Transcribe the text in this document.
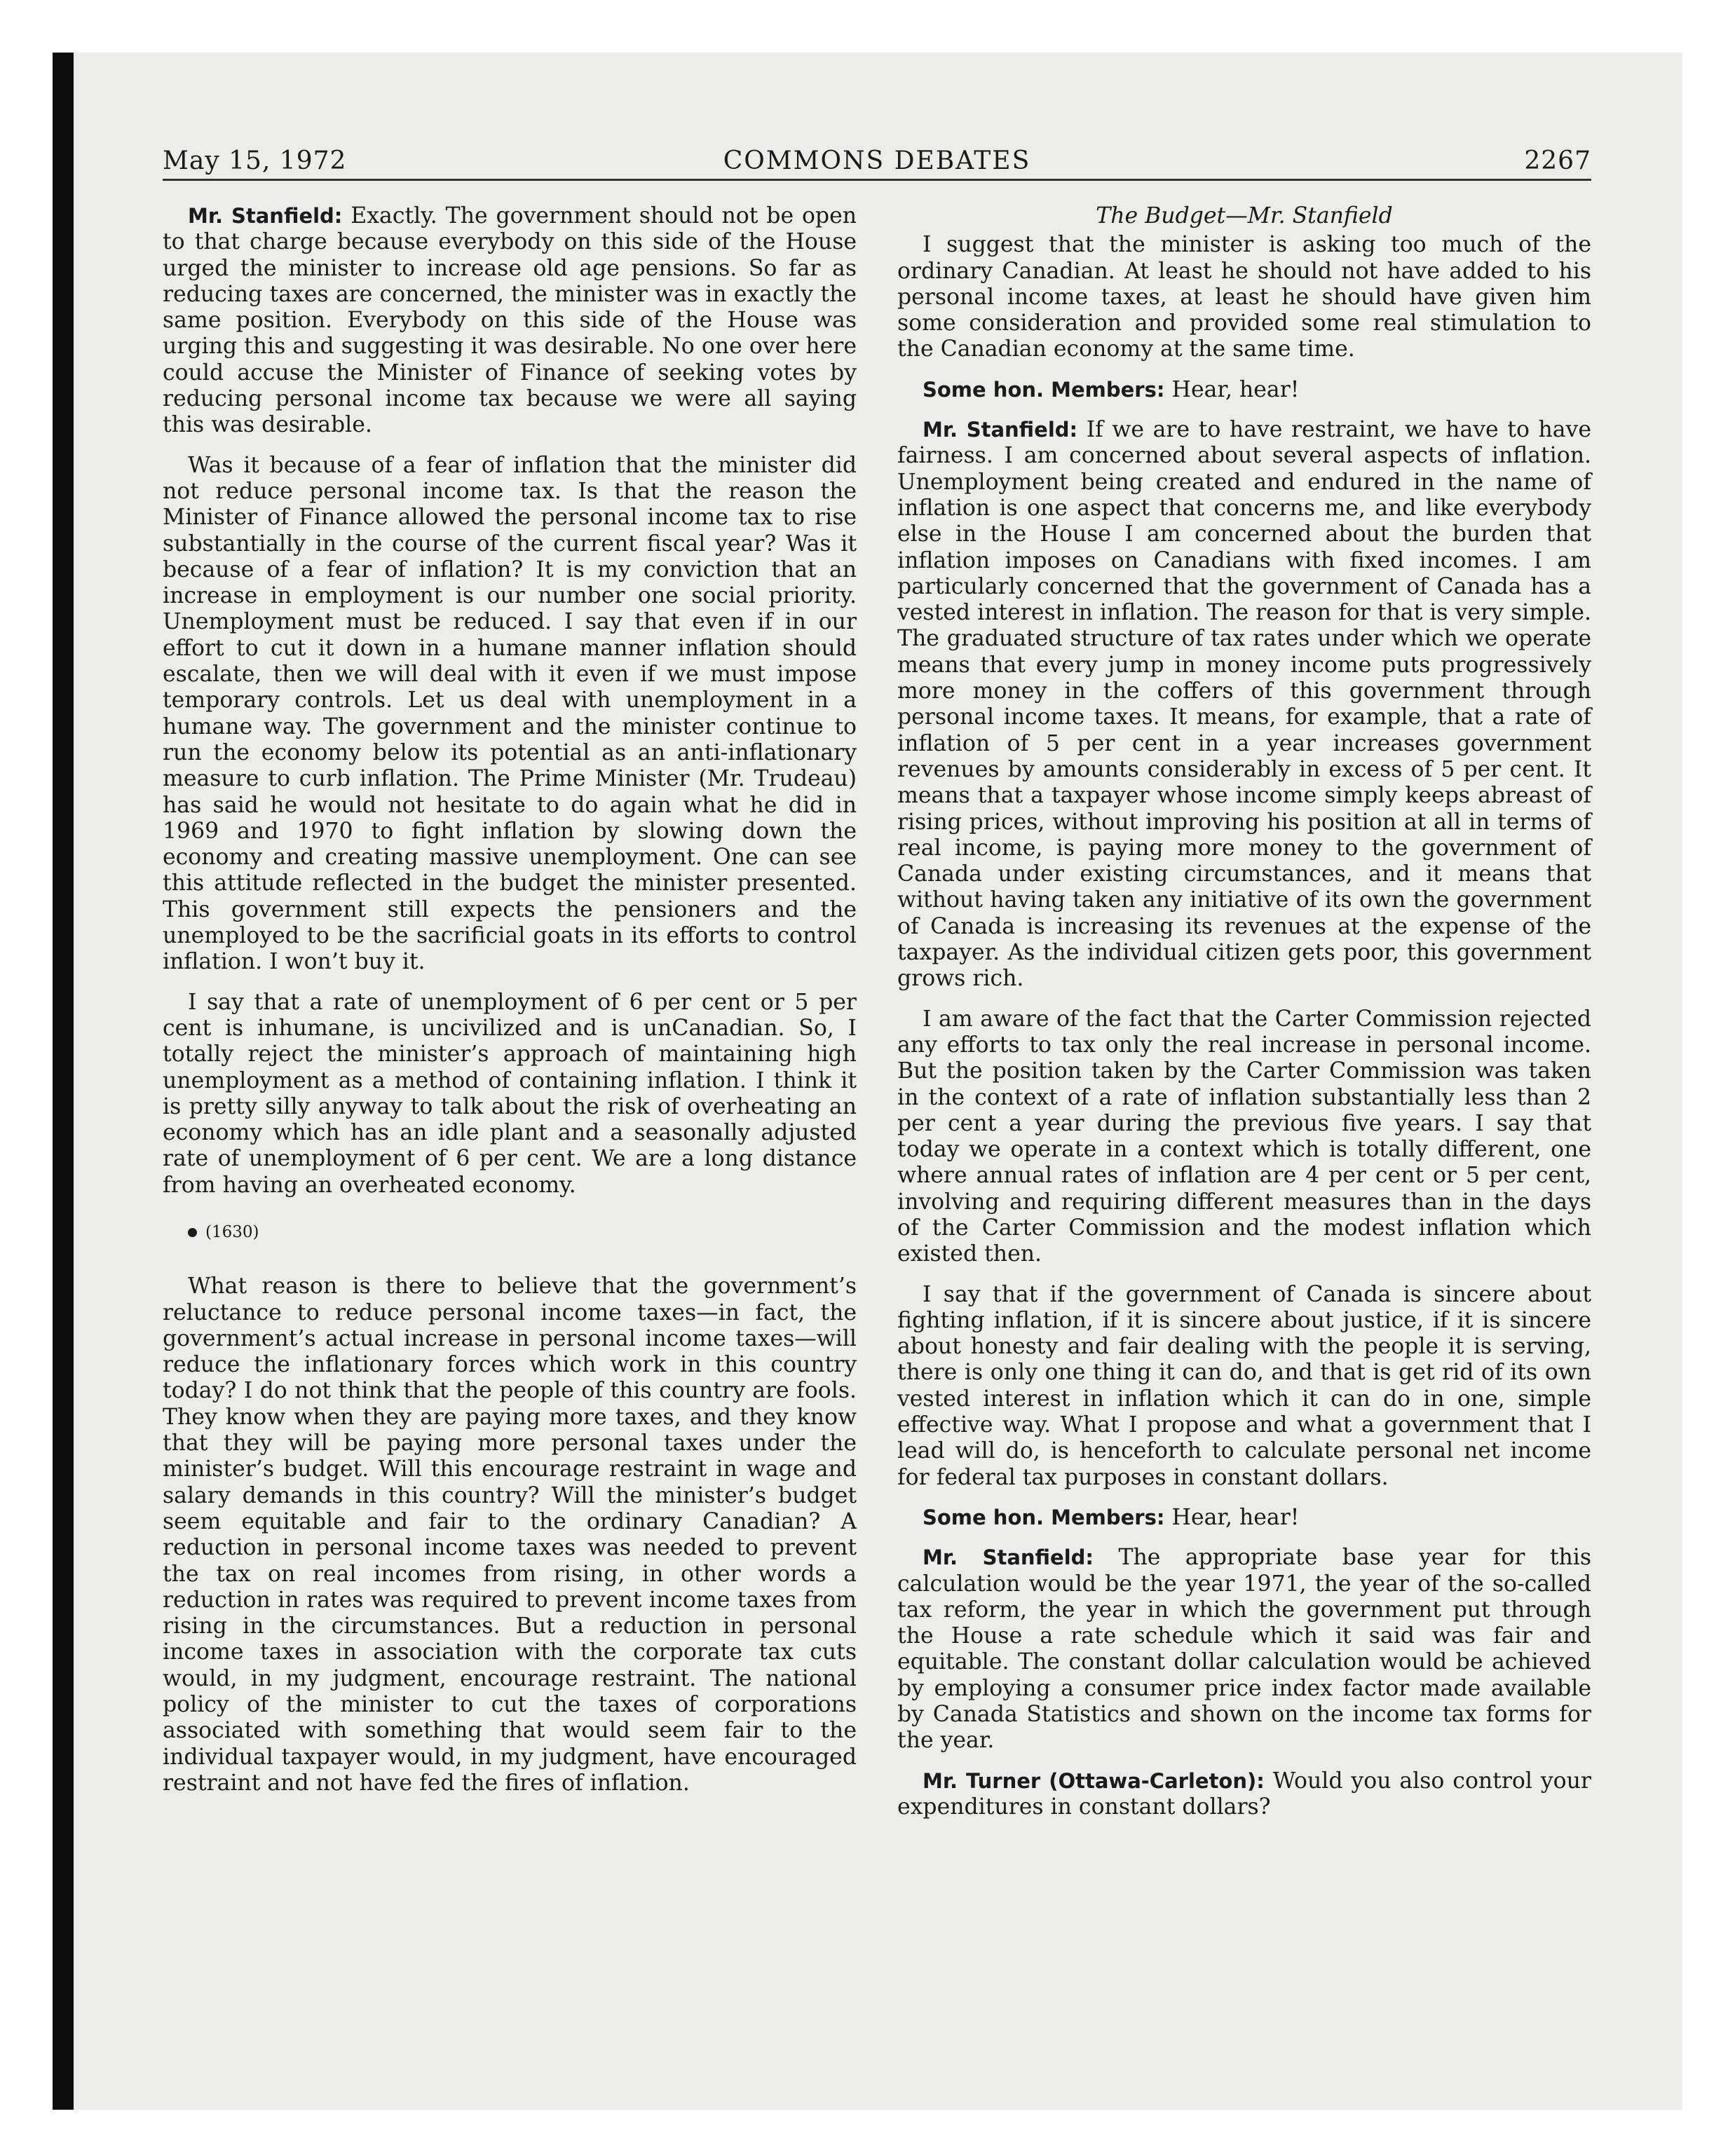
May 15, 1972	COMMONS DEBATES	2267

Mr. Stanfield: Exactly. The government should not be open to that charge because everybody on this side of the House urged the minister to increase old age pensions. So far as reducing taxes are concerned, the minister was in exactly the same position. Everybody on this side of the House was urging this and suggesting it was desirable. No one over here could accuse the Minister of Finance of seeking votes by reducing personal income tax because we were all saying this was desirable.

Was it because of a fear of inflation that the minister did not reduce personal income tax. Is that the reason the Minister of Finance allowed the personal income tax to rise substantially in the course of the current fiscal year? Was it because of a fear of inflation? It is my conviction that an increase in employment is our number one social priority. Unemployment must be reduced. I say that even if in our effort to cut it down in a humane manner inflation should escalate, then we will deal with it even if we must impose temporary controls. Let us deal with unemployment in a humane way. The government and the minister continue to run the economy below its potential as an anti-inflationary measure to curb inflation. The Prime Minister (Mr. Trudeau) has said he would not hesitate to do again what he did in 1969 and 1970 to fight inflation by slowing down the economy and creating massive unemployment. One can see this attitude reflected in the budget the minister presented. This government still expects the pensioners and the unemployed to be the sacrificial goats in its efforts to control inflation. I won’t buy it.

I say that a rate of unemployment of 6 per cent or 5 per cent is inhumane, is uncivilized and is unCanadian. So, I totally reject the minister’s approach of maintaining high unemployment as a method of containing inflation. I think it is pretty silly anyway to talk about the risk of overheating an economy which has an idle plant and a seasonally adjusted rate of unemployment of 6 per cent. We are a long distance from having an overheated economy.

(1630)

What reason is there to believe that the government’s reluctance to reduce personal income taxes—in fact, the government’s actual increase in personal income taxes—will reduce the inflationary forces which work in this country today? I do not think that the people of this country are fools. They know when they are paying more taxes, and they know that they will be paying more personal taxes under the minister’s budget. Will this encourage restraint in wage and salary demands in this country? Will the minister’s budget seem equitable and fair to the ordinary Canadian? A reduction in personal income taxes was needed to prevent the tax on real incomes from rising, in other words a reduction in rates was required to prevent income taxes from rising in the circumstances. But a reduction in personal income taxes in association with the corporate tax cuts would, in my judgment, encourage restraint. The national policy of the minister to cut the taxes of corporations associated with something that would seem fair to the individual taxpayer would, in my judgment, have encouraged restraint and not have fed the fires of inflation.

The Budget—Mr. Stanfield

I suggest that the minister is asking too much of the ordinary Canadian. At least he should not have added to his personal income taxes, at least he should have given him some consideration and provided some real stimulation to the Canadian economy at the same time.

Some hon. Members: Hear, hear!

Mr. Stanfield: If we are to have restraint, we have to have fairness. I am concerned about several aspects of inflation. Unemployment being created and endured in the name of inflation is one aspect that concerns me, and like everybody else in the House I am concerned about the burden that inflation imposes on Canadians with fixed incomes. I am particularly concerned that the government of Canada has a vested interest in inflation. The reason for that is very simple. The graduated structure of tax rates under which we operate means that every jump in money income puts progressively more money in the coffers of this government through personal income taxes. It means, for example, that a rate of inflation of 5 per cent in a year increases government revenues by amounts considerably in excess of 5 per cent. It means that a taxpayer whose income simply keeps abreast of rising prices, without improving his position at all in terms of real income, is paying more money to the government of Canada under existing circumstances, and it means that without having taken any initiative of its own the government of Canada is increasing its revenues at the expense of the taxpayer. As the individual citizen gets poor, this government grows rich.

I am aware of the fact that the Carter Commission rejected any efforts to tax only the real increase in personal income. But the position taken by the Carter Commission was taken in the context of a rate of inflation substantially less than 2 per cent a year during the previous five years. I say that today we operate in a context which is totally different, one where annual rates of inflation are 4 per cent or 5 per cent, involving and requiring different measures than in the days of the Carter Commission and the modest inflation which existed then.

I say that if the government of Canada is sincere about fighting inflation, if it is sincere about justice, if it is sincere about honesty and fair dealing with the people it is serving, there is only one thing it can do, and that is get rid of its own vested interest in inflation which it can do in one, simple effective way. What I propose and what a government that I lead will do, is henceforth to calculate personal net income for federal tax purposes in constant dollars.

Some hon. Members: Hear, hear!

Mr. Stanfield: The appropriate base year for this calculation would be the year 1971, the year of the so-called tax reform, the year in which the government put through the House a rate schedule which it said was fair and equitable. The constant dollar calculation would be achieved by employing a consumer price index factor made available by Canada Statistics and shown on the income tax forms for the year.

Mr. Turner (Ottawa-Carleton): Would you also control your expenditures in constant dollars?
